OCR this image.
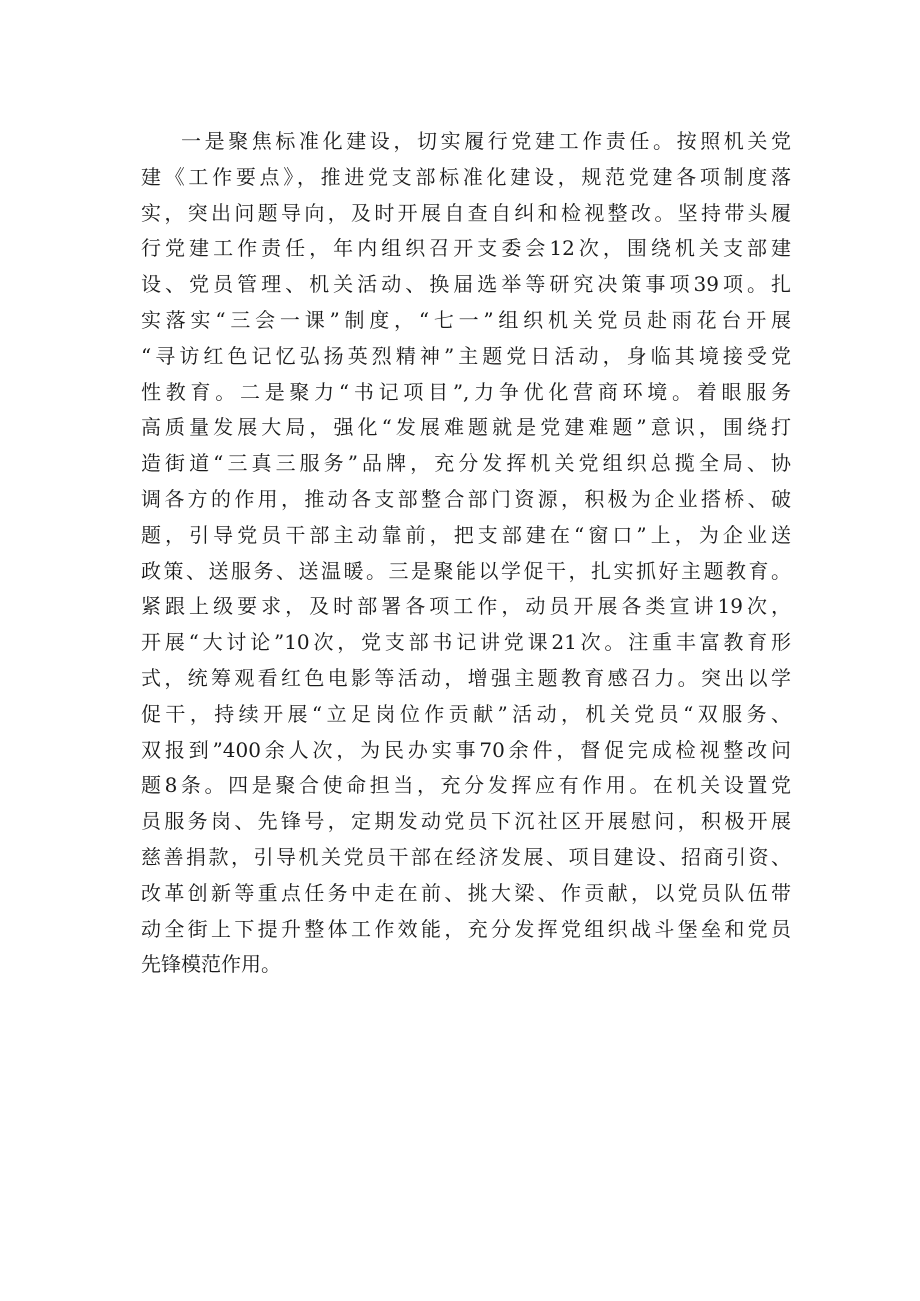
一是聚焦标准化建设，切实履行党建工作责任。按照机关党
建《工作要点》，推进党支部标准化建设，规范党建各项制度落
实，突出问题导向，及时开展自查自纠和检视整改。坚持带头履
行党建工作责任，年内组织召开支委会12次，围绕机关支部建
设、党员管理、机关活动、换届选举等研究决策事项39项。扎
实落实“三会一课”制度，“七一”组织机关党员赴雨花台开展
“寻访红色记忆弘扬英烈精神”主题党日活动，身临其境接受党
性教育。二是聚力“书记项目”,力争优化营商环境。着眼服务
高质量发展大局，强化“发展难题就是党建难题”意识，围绕打
造街道“三真三服务”品牌，充分发挥机关党组织总揽全局、协
调各方的作用，推动各支部整合部门资源，积极为企业搭桥、破
题，引导党员干部主动靠前，把支部建在“窗口”上，为企业送
政策、送服务、送温暖。三是聚能以学促干，扎实抓好主题教育。
紧跟上级要求，及时部署各项工作，动员开展各类宣讲19次，
开展“大讨论”10次，党支部书记讲党课21次。注重丰富教育形
式，统筹观看红色电影等活动，增强主题教育感召力。突出以学
促干，持续开展“立足岗位作贡献”活动，机关党员“双服务、
双报到”400余人次，为民办实事70余件，督促完成检视整改问
题8条。四是聚合使命担当，充分发挥应有作用。在机关设置党
员服务岗、先锋号，定期发动党员下沉社区开展慰问，积极开展
慈善捐款，引导机关党员干部在经济发展、项目建设、招商引资、
改革创新等重点任务中走在前、挑大梁、作贡献，以党员队伍带
动全街上下提升整体工作效能，充分发挥党组织战斗堡垒和党员
先锋模范作用。
